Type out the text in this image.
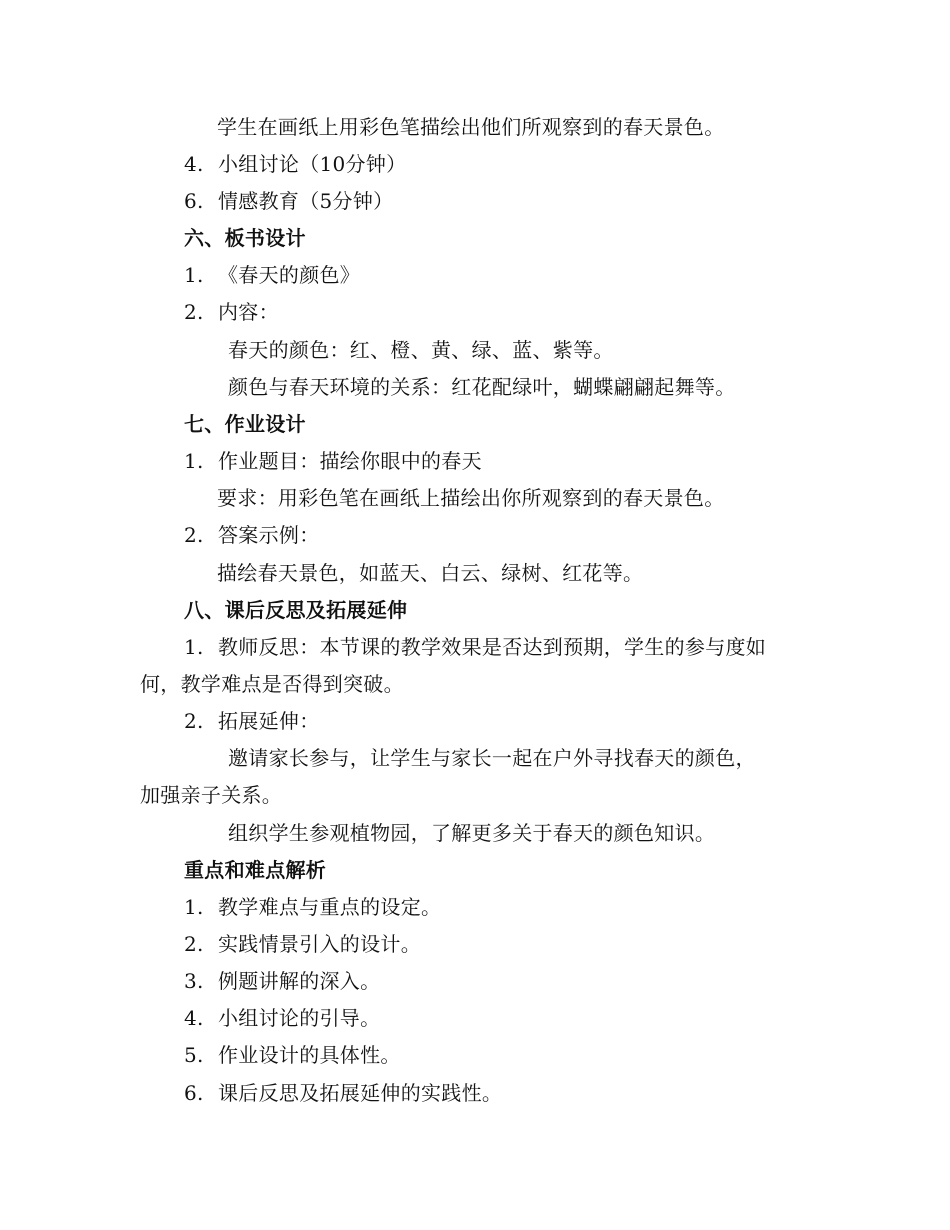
学生在画纸上用彩色笔描绘出他们所观察到的春天景色。
4. 小组讨论（10分钟）
6. 情感教育（5分钟）
六、板书设计
1. 《春天的颜色》
2. 内容：
春天的颜色：红、橙、黄、绿、蓝、紫等。
颜色与春天环境的关系：红花配绿叶，蝴蝶翩翩起舞等。
七、作业设计
1. 作业题目：描绘你眼中的春天
要求：用彩色笔在画纸上描绘出你所观察到的春天景色。
2. 答案示例：
描绘春天景色，如蓝天、白云、绿树、红花等。
八、课后反思及拓展延伸
1. 教师反思：本节课的教学效果是否达到预期，学生的参与度如
何，教学难点是否得到突破。
2. 拓展延伸：
邀请家长参与，让学生与家长一起在户外寻找春天的颜色，
加强亲子关系。
组织学生参观植物园，了解更多关于春天的颜色知识。
重点和难点解析
1. 教学难点与重点的设定。
2. 实践情景引入的设计。
3. 例题讲解的深入。
4. 小组讨论的引导。
5. 作业设计的具体性。
6. 课后反思及拓展延伸的实践性。
